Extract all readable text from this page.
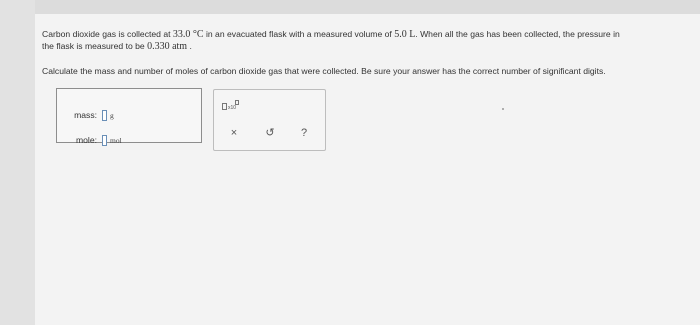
Carbon dioxide gas is collected at 33.0 °C in an evacuated flask with a measured volume of 5.0 L. When all the gas has been collected, the pressure in
the flask is measured to be 0.330 atm .
Calculate the mass and number of moles of carbon dioxide gas that were collected. Be sure your answer has the correct number of significant digits.
mass: g
mole: mol
x10
×	↺	?
